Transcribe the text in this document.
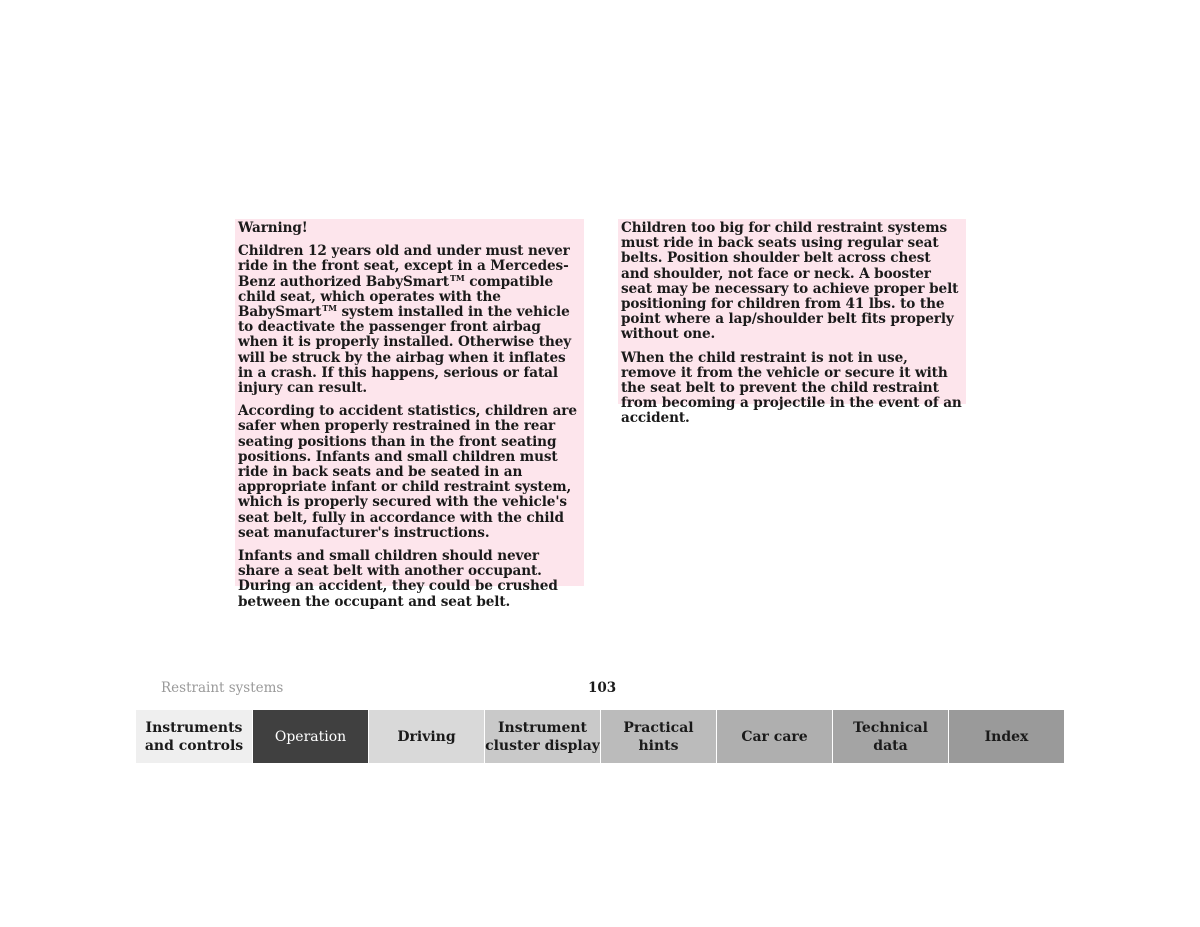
Warning!

Children 12 years old and under must never ride in the front seat, except in a Mercedes-Benz authorized BabySmart™ compatible child seat, which operates with the BabySmart™ system installed in the vehicle to deactivate the passenger front airbag when it is properly installed. Otherwise they will be struck by the airbag when it inflates in a crash. If this happens, serious or fatal injury can result.

According to accident statistics, children are safer when properly restrained in the rear seating positions than in the front seating positions. Infants and small children must ride in back seats and be seated in an appropriate infant or child restraint system, which is properly secured with the vehicle's seat belt, fully in accordance with the child seat manufacturer's instructions.

Infants and small children should never share a seat belt with another occupant. During an accident, they could be crushed between the occupant and seat belt.

Children too big for child restraint systems must ride in back seats using regular seat belts. Position shoulder belt across chest and shoulder, not face or neck. A booster seat may be necessary to achieve proper belt positioning for children from 41 lbs. to the point where a lap/shoulder belt fits properly without one.

When the child restraint is not in use, remove it from the vehicle or secure it with the seat belt to prevent the child restraint from becoming a projectile in the event of an accident.

Restraint systems	103
Instruments
and controls
Operation	Driving
Instrument
cluster display
Practical hints
Car care
Technical
data
Index
